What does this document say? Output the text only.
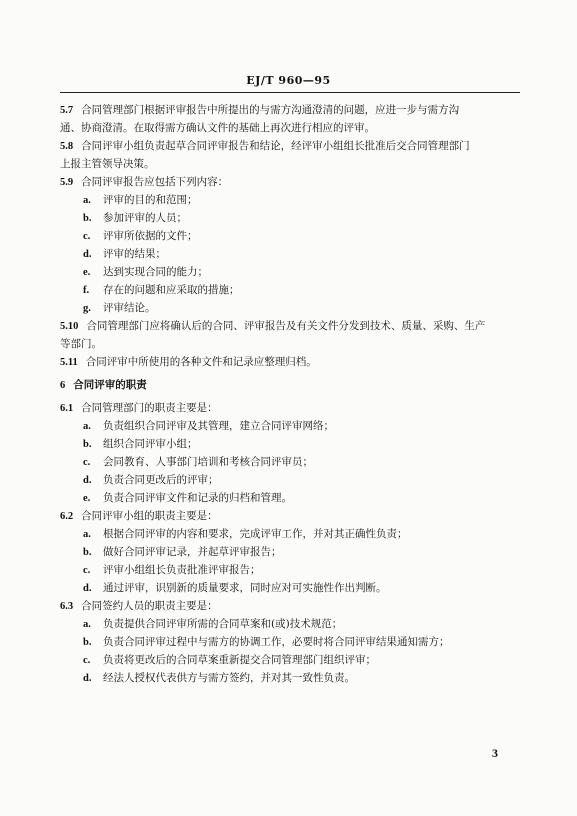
EJ/T 960—95
5.7 合同管理部门根据评审报告中所提出的与需方沟通澄清的问题，应进一步与需方沟
通、协商澄清。在取得需方确认文件的基础上再次进行相应的评审。
5.8 合同评审小组负责起草合同评审报告和结论，经评审小组组长批准后交合同管理部门
上报主管领导决策。
5.9 合同评审报告应包括下列内容：
a. 评审的目的和范围；
b. 参加评审的人员；
c. 评审所依据的文件；
d. 评审的结果；
e. 达到实现合同的能力；
f. 存在的问题和应采取的措施；
g. 评审结论。
5.10 合同管理部门应将确认后的合同、评审报告及有关文件分发到技术、质量、采购、生产
等部门。
5.11 合同评审中所使用的各种文件和记录应整理归档。
6 合同评审的职责
6.1 合同管理部门的职责主要是：
a. 负责组织合同评审及其管理，建立合同评审网络；
b. 组织合同评审小组；
c. 会同教育、人事部门培训和考核合同评审员；
d. 负责合同更改后的评审；
e. 负责合同评审文件和记录的归档和管理。
6.2 合同评审小组的职责主要是：
a. 根据合同评审的内容和要求，完成评审工作，并对其正确性负责；
b. 做好合同评审记录，并起草评审报告；
c. 评审小组组长负责批准评审报告；
d. 通过评审，识别新的质量要求，同时应对可实施性作出判断。
6.3 合同签约人员的职责主要是：
a. 负责提供合同评审所需的合同草案和(或)技术规范；
b. 负责合同评审过程中与需方的协调工作，必要时将合同评审结果通知需方；
c. 负责将更改后的合同草案重新提交合同管理部门组织评审；
d. 经法人授权代表供方与需方签约，并对其一致性负责。
3
